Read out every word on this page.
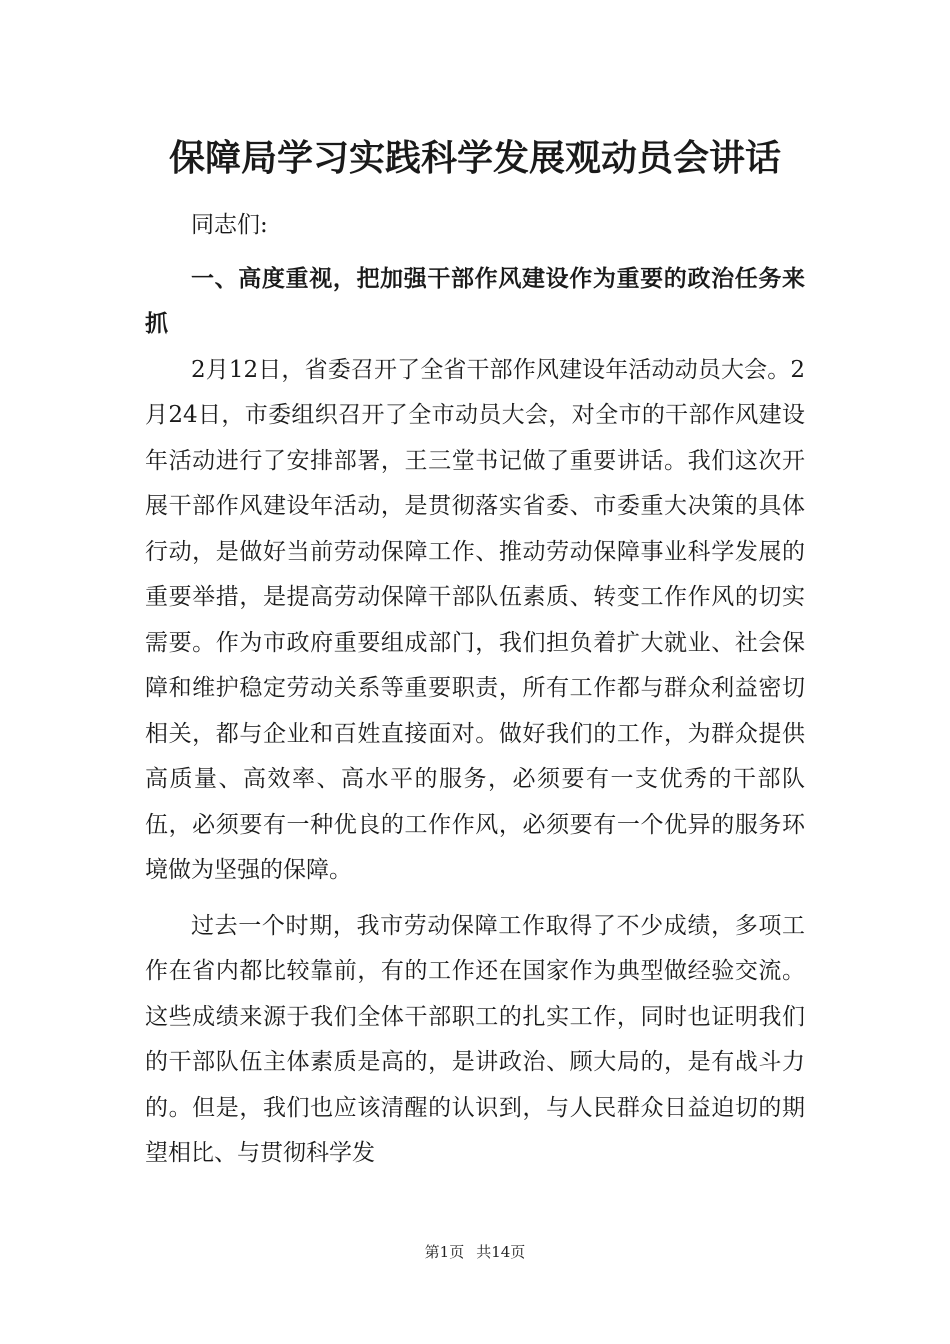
保障局学习实践科学发展观动员会讲话

同志们:

一、高度重视，把加强干部作风建设作为重要的政治任务来抓

2月12日，省委召开了全省干部作风建设年活动动员大会。2月24日，市委组织召开了全市动员大会，对全市的干部作风建设年活动进行了安排部署，王三堂书记做了重要讲话。我们这次开展干部作风建设年活动，是贯彻落实省委、市委重大决策的具体行动，是做好当前劳动保障工作、推动劳动保障事业科学发展的重要举措，是提高劳动保障干部队伍素质、转变工作作风的切实需要。作为市政府重要组成部门，我们担负着扩大就业、社会保障和维护稳定劳动关系等重要职责，所有工作都与群众利益密切相关，都与企业和百姓直接面对。做好我们的工作，为群众提供高质量、高效率、高水平的服务，必须要有一支优秀的干部队伍，必须要有一种优良的工作作风，必须要有一个优异的服务环境做为坚强的保障。

过去一个时期，我市劳动保障工作取得了不少成绩，多项工作在省内都比较靠前，有的工作还在国家作为典型做经验交流。这些成绩来源于我们全体干部职工的扎实工作，同时也证明我们的干部队伍主体素质是高的，是讲政治、顾大局的，是有战斗力的。但是，我们也应该清醒的认识到，与人民群众日益迫切的期望相比、与贯彻科学发

第1页 共14页
